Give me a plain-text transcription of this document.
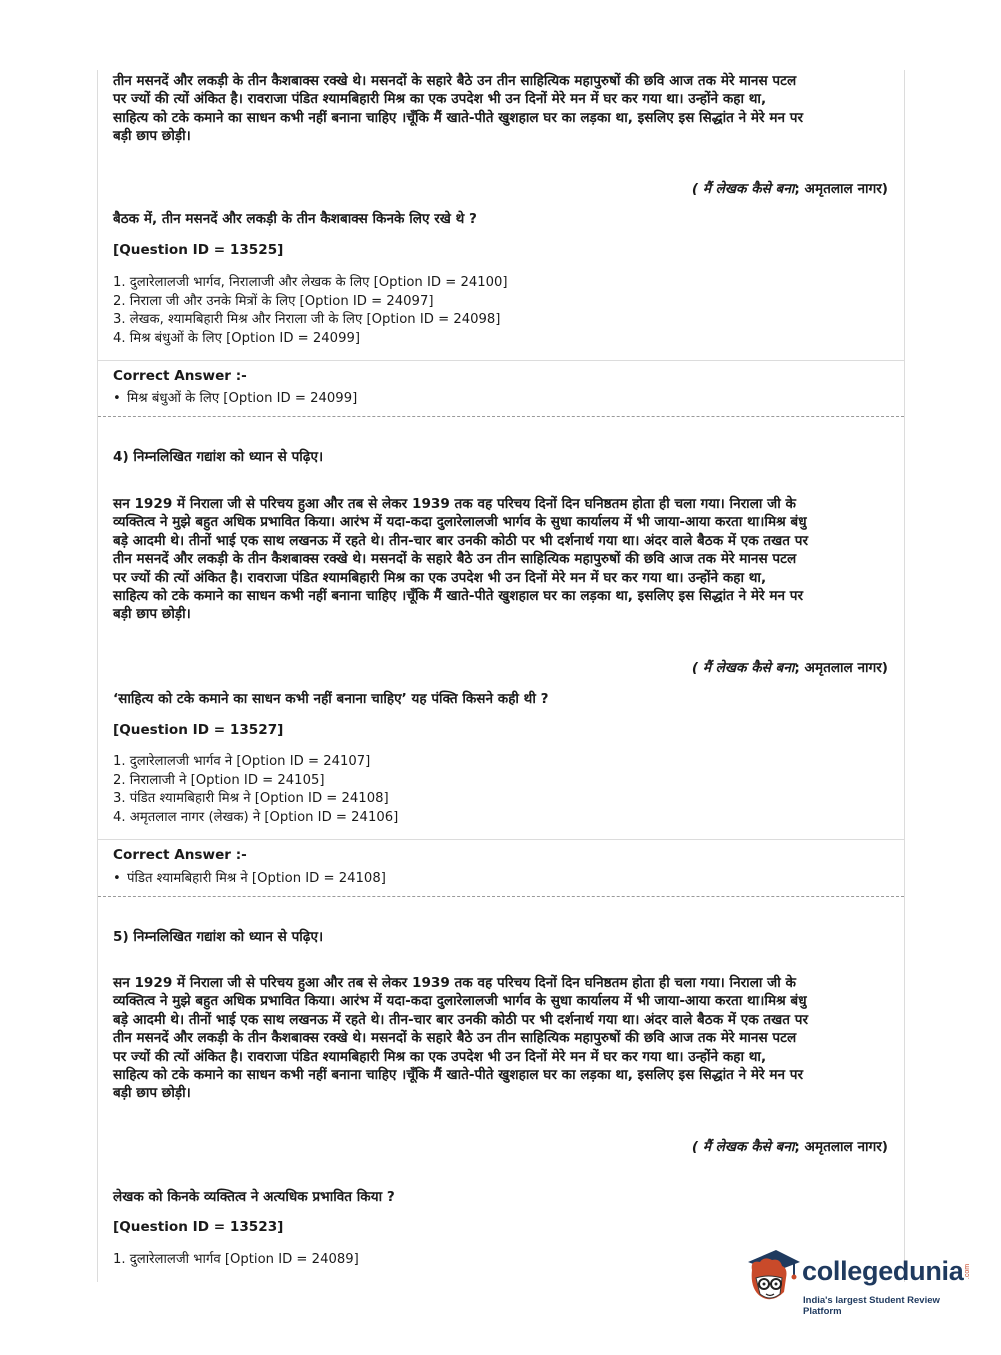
तीन मसनदें और लकड़ी के तीन कैशबाक्स रक्खे थे। मसनदों के सहारे बैठे उन तीन साहित्यिक महापुरुषों की छवि आज तक मेरे मानस पटल
पर ज्यों की त्यों अंकित है। रावराजा पंडित श्यामबिहारी मिश्र का एक उपदेश भी उन दिनों मेरे मन में घर कर गया था। उन्होंने कहा था,
साहित्य को टके कमाने का साधन कभी नहीं बनाना चाहिए ।चूँकि मैं खाते-पीते खुशहाल घर का लड़का था, इसलिए इस सिद्धांत ने मेरे मन पर
बड़ी छाप छोड़ी।

( मैं लेखक कैसे बना; अमृतलाल नागर)
बैठक में, तीन मसनदें और लकड़ी के तीन कैशबाक्स किनके लिए रखे थे ?
[Question ID = 13525]
1. दुलारेलालजी भार्गव, निरालाजी और लेखक के लिए [Option ID = 24100]
2. निराला जी और उनके मित्रों के लिए [Option ID = 24097]
3. लेखक, श्यामबिहारी मिश्र और निराला जी के लिए [Option ID = 24098]
4. मिश्र बंधुओं के लिए [Option ID = 24099]
Correct Answer :-
• मिश्र बंधुओं के लिए [Option ID = 24099]
4) निम्नलिखित गद्यांश को ध्यान से पढ़िए।

सन 1929 में निराला जी से परिचय हुआ और तब से लेकर 1939 तक वह परिचय दिनों दिन घनिष्ठतम होता ही चला गया। निराला जी के
व्यक्तित्व ने मुझे बहुत अधिक प्रभावित किया। आरंभ में यदा-कदा दुलारेलालजी भार्गव के सुधा कार्यालय में भी जाया-आया करता था।मिश्र बंधु
बड़े आदमी थे। तीनों भाई एक साथ लखनऊ में रहते थे। तीन-चार बार उनकी कोठी पर भी दर्शनार्थ गया था। अंदर वाले बैठक में एक तखत पर
तीन मसनदें और लकड़ी के तीन कैशबाक्स रक्खे थे। मसनदों के सहारे बैठे उन तीन साहित्यिक महापुरुषों की छवि आज तक मेरे मानस पटल
पर ज्यों की त्यों अंकित है। रावराजा पंडित श्यामबिहारी मिश्र का एक उपदेश भी उन दिनों मेरे मन में घर कर गया था। उन्होंने कहा था,
साहित्य को टके कमाने का साधन कभी नहीं बनाना चाहिए ।चूँकि मैं खाते-पीते खुशहाल घर का लड़का था, इसलिए इस सिद्धांत ने मेरे मन पर
बड़ी छाप छोड़ी।

( मैं लेखक कैसे बना; अमृतलाल नागर)
‘साहित्य को टके कमाने का साधन कभी नहीं बनाना चाहिए’ यह पंक्ति किसने कही थी ?
[Question ID = 13527]
1. दुलारेलालजी भार्गव ने [Option ID = 24107]
2. निरालाजी ने [Option ID = 24105]
3. पंडित श्यामबिहारी मिश्र ने [Option ID = 24108]
4. अमृतलाल नागर (लेखक) ने [Option ID = 24106]
Correct Answer :-
• पंडित श्यामबिहारी मिश्र ने [Option ID = 24108]
5) निम्नलिखित गद्यांश को ध्यान से पढ़िए।

सन 1929 में निराला जी से परिचय हुआ और तब से लेकर 1939 तक वह परिचय दिनों दिन घनिष्ठतम होता ही चला गया। निराला जी के
व्यक्तित्व ने मुझे बहुत अधिक प्रभावित किया। आरंभ में यदा-कदा दुलारेलालजी भार्गव के सुधा कार्यालय में भी जाया-आया करता था।मिश्र बंधु
बड़े आदमी थे। तीनों भाई एक साथ लखनऊ में रहते थे। तीन-चार बार उनकी कोठी पर भी दर्शनार्थ गया था। अंदर वाले बैठक में एक तखत पर
तीन मसनदें और लकड़ी के तीन कैशबाक्स रक्खे थे। मसनदों के सहारे बैठे उन तीन साहित्यिक महापुरुषों की छवि आज तक मेरे मानस पटल
पर ज्यों की त्यों अंकित है। रावराजा पंडित श्यामबिहारी मिश्र का एक उपदेश भी उन दिनों मेरे मन में घर कर गया था। उन्होंने कहा था,
साहित्य को टके कमाने का साधन कभी नहीं बनाना चाहिए ।चूँकि मैं खाते-पीते खुशहाल घर का लड़का था, इसलिए इस सिद्धांत ने मेरे मन पर
बड़ी छाप छोड़ी।

( मैं लेखक कैसे बना; अमृतलाल नागर)
लेखक को किनके व्यक्तित्व ने अत्यधिक प्रभावित किया ?
[Question ID = 13523]
1. दुलारेलालजी भार्गव [Option ID = 24089]	collegedunia .com
India's largest Student Review Platform
